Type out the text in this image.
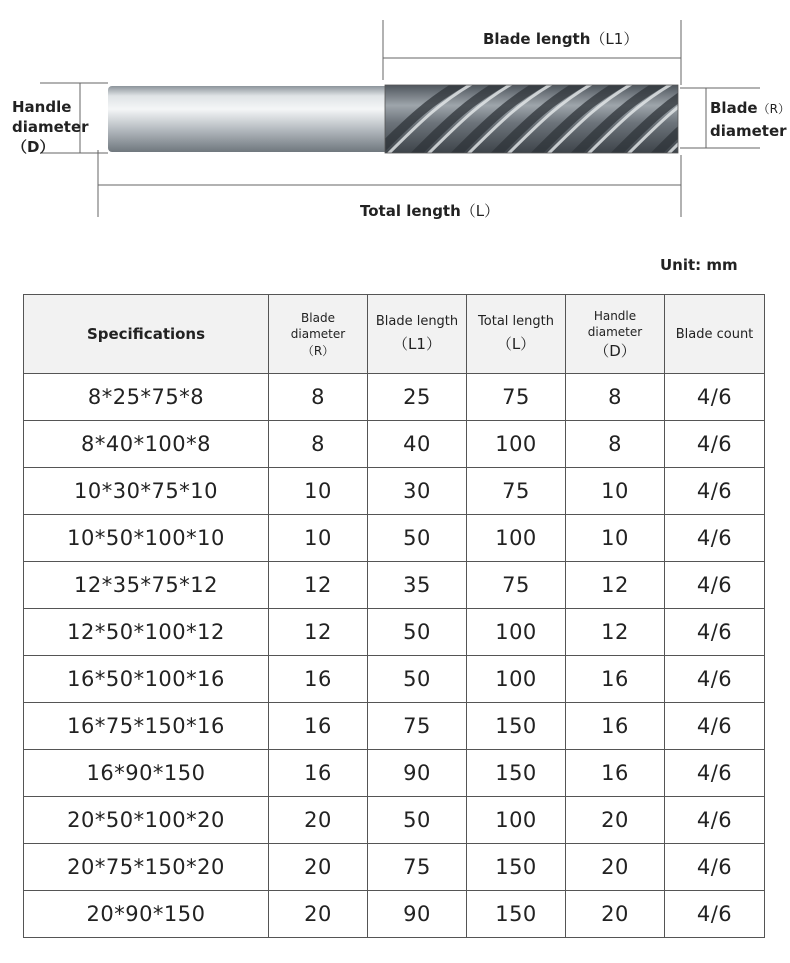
Blade length（L1）
Total length（L）
Handle
diameter
（D）
Blade（R）
diameter
Unit: mm
Specifications	Blade
diameter
（R）	Blade length
（L1）	Total length
（L）	Handle
diameter
（D）	Blade count

8*25*75*8	8	25	75	8	4/6
8*40*100*8	8	40	100	8	4/6
10*30*75*10	10	30	75	10	4/6
10*50*100*10	10	50	100	10	4/6
12*35*75*12	12	35	75	12	4/6
12*50*100*12	12	50	100	12	4/6
16*50*100*16	16	50	100	16	4/6
16*75*150*16	16	75	150	16	4/6
16*90*150	16	90	150	16	4/6
20*50*100*20	20	50	100	20	4/6
20*75*150*20	20	75	150	20	4/6
20*90*150	20	90	150	20	4/6
